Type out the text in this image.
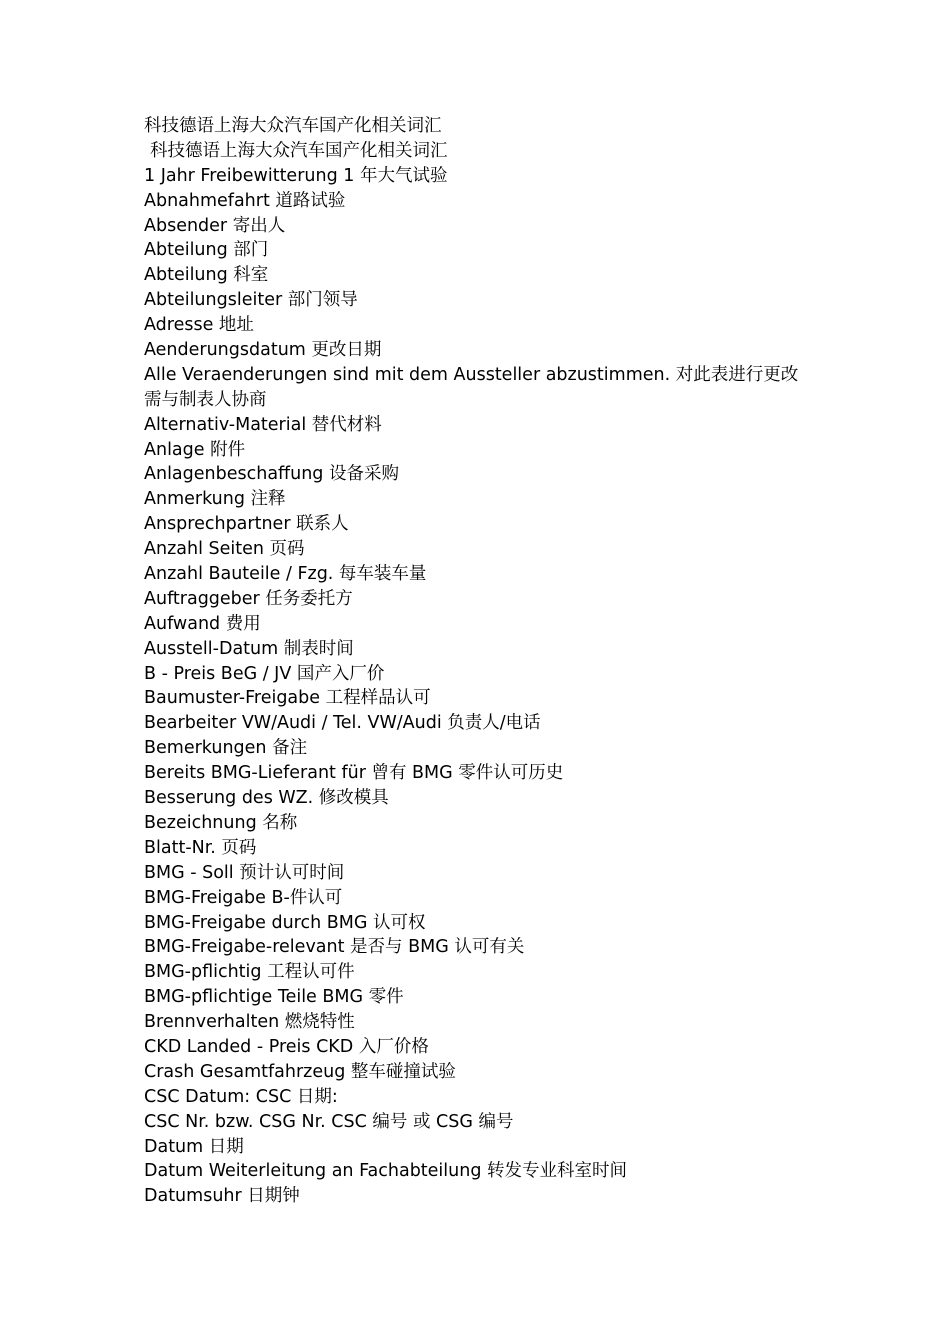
科技德语上海大众汽车国产化相关词汇
科技德语上海大众汽车国产化相关词汇
1 Jahr Freibewitterung 1 年大气试验
Abnahmefahrt 道路试验
Absender 寄出人
Abteilung 部门
Abteilung 科室
Abteilungsleiter 部门领导
Adresse 地址
Aenderungsdatum 更改日期
Alle Veraenderungen sind mit dem Aussteller abzustimmen. 对此表进行更改
需与制表人协商
Alternativ-Material 替代材料
Anlage 附件
Anlagenbeschaffung 设备采购
Anmerkung 注释
Ansprechpartner 联系人
Anzahl Seiten 页码
Anzahl Bauteile / Fzg. 每车装车量
Auftraggeber 任务委托方
Aufwand 费用
Ausstell-Datum 制表时间
B - Preis BeG / JV 国产入厂价
Baumuster-Freigabe 工程样品认可
Bearbeiter VW/Audi / Tel. VW/Audi 负责人/电话
Bemerkungen 备注
Bereits BMG-Lieferant für 曾有 BMG 零件认可历史
Besserung des WZ. 修改模具
Bezeichnung 名称
Blatt-Nr. 页码
BMG - Soll 预计认可时间
BMG-Freigabe B-件认可
BMG-Freigabe durch BMG 认可权
BMG-Freigabe-relevant 是否与 BMG 认可有关
BMG-pflichtig 工程认可件
BMG-pflichtige Teile BMG 零件
Brennverhalten 燃烧特性
CKD Landed - Preis CKD 入厂价格
Crash Gesamtfahrzeug 整车碰撞试验
CSC Datum: CSC 日期:
CSC Nr. bzw. CSG Nr. CSC 编号 或 CSG 编号
Datum 日期
Datum Weiterleitung an Fachabteilung 转发专业科室时间
Datumsuhr 日期钟
